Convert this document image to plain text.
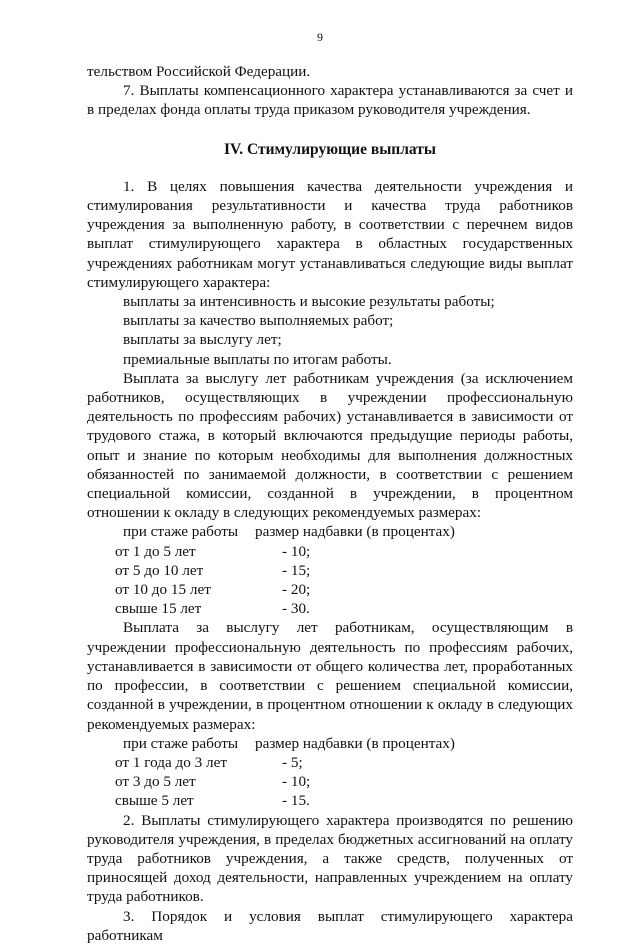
9

тельством Российской Федерации.

7. Выплаты компенсационного характера устанавливаются за счет и в пределах фонда оплаты труда приказом руководителя учреждения.

IV. Стимулирующие выплаты

1. В целях повышения качества деятельности учреждения и стимулирования результативности и качества труда работников учреждения за выполненную работу, в соответствии с перечнем видов выплат стимулирующего характера в областных государственных учреждениях работникам могут устанавливаться следующие виды выплат стимулирующего характера:

выплаты за интенсивность и высокие результаты работы;
выплаты за качество выполняемых работ;
выплаты за выслугу лет;
премиальные выплаты по итогам работы.

Выплата за выслугу лет работникам учреждения (за исключением работников, осуществляющих в учреждении профессиональную деятельность по профессиям рабочих) устанавливается в зависимости от трудового стажа, в который включаются предыдущие периоды работы, опыт и знание по которым необходимы для выполнения должностных обязанностей по занимаемой должности, в соответствии с решением специальной комиссии, созданной в учреждении, в процентном отношении к окладу в следующих рекомендуемых размерах:

при стаже работы	размер надбавки (в процентах)
от 1 до 5 лет	- 10;
от 5 до 10 лет	- 15;
от 10 до 15 лет	- 20;
свыше 15 лет	- 30.

Выплата за выслугу лет работникам, осуществляющим в учреждении профессиональную деятельность по профессиям рабочих, устанавливается в зависимости от общего количества лет, проработанных по профессии, в соответствии с решением специальной комиссии, созданной в учреждении, в процентном отношении к окладу в следующих рекомендуемых размерах:

при стаже работы	размер надбавки (в процентах)
от 1 года до 3 лет	- 5;
от 3 до 5 лет	- 10;
свыше 5 лет	- 15.

2. Выплаты стимулирующего характера производятся по решению руководителя учреждения, в пределах бюджетных ассигнований на оплату труда работников учреждения, а также средств, полученных от приносящей доход деятельности, направленных учреждением на оплату труда работников.

3. Порядок и условия выплат стимулирующего характера работникам
